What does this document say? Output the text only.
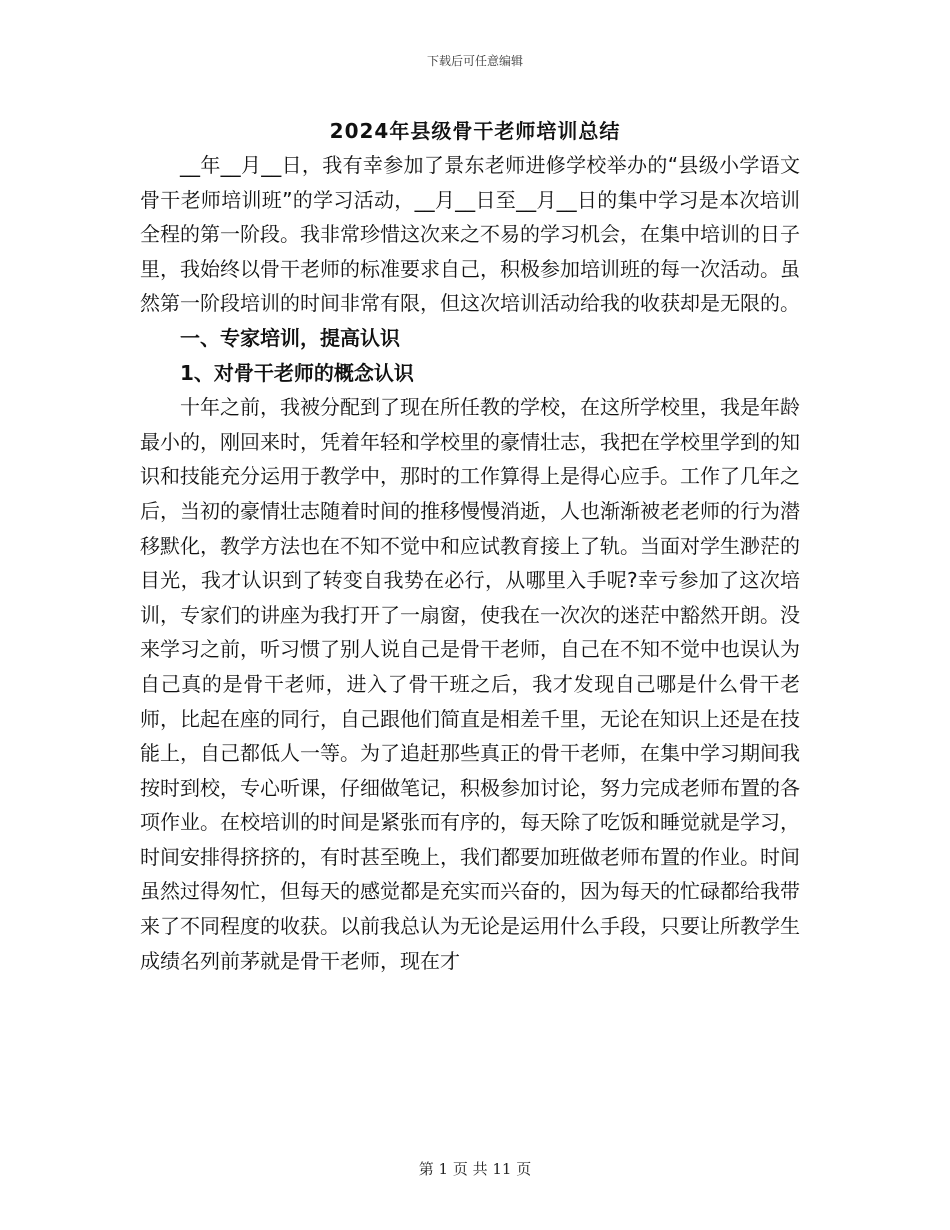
下载后可任意编辑
2024年县级骨干老师培训总结

__年__月__日，我有幸参加了景东老师进修学校举办的“县级小学语文骨干老师培训班”的学习活动，__月__日至__月__日的集中学习是本次培训全程的第一阶段。我非常珍惜这次来之不易的学习机会，在集中培训的日子里，我始终以骨干老师的标准要求自己，积极参加培训班的每一次活动。虽然第一阶段培训的时间非常有限，但这次培训活动给我的收获却是无限的。

一、专家培训，提高认识

1、对骨干老师的概念认识

十年之前，我被分配到了现在所任教的学校，在这所学校里，我是年龄最小的，刚回来时，凭着年轻和学校里的豪情壮志，我把在学校里学到的知识和技能充分运用于教学中，那时的工作算得上是得心应手。工作了几年之后，当初的豪情壮志随着时间的推移慢慢消逝，人也渐渐被老老师的行为潜移默化，教学方法也在不知不觉中和应试教育接上了轨。当面对学生渺茫的目光，我才认识到了转变自我势在必行，从哪里入手呢?幸亏参加了这次培训，专家们的讲座为我打开了一扇窗，使我在一次次的迷茫中豁然开朗。没来学习之前，听习惯了别人说自己是骨干老师，自己在不知不觉中也误认为自己真的是骨干老师，进入了骨干班之后，我才发现自己哪是什么骨干老师，比起在座的同行，自己跟他们简直是相差千里，无论在知识上还是在技能上，自己都低人一等。为了追赶那些真正的骨干老师，在集中学习期间我按时到校，专心听课，仔细做笔记，积极参加讨论，努力完成老师布置的各项作业。在校培训的时间是紧张而有序的，每天除了吃饭和睡觉就是学习，时间安排得挤挤的，有时甚至晚上，我们都要加班做老师布置的作业。时间虽然过得匆忙，但每天的感觉都是充实而兴奋的，因为每天的忙碌都给我带来了不同程度的收获。以前我总认为无论是运用什么手段，只要让所教学生成绩名列前茅就是骨干老师，现在才

第 1 页 共 11 页
